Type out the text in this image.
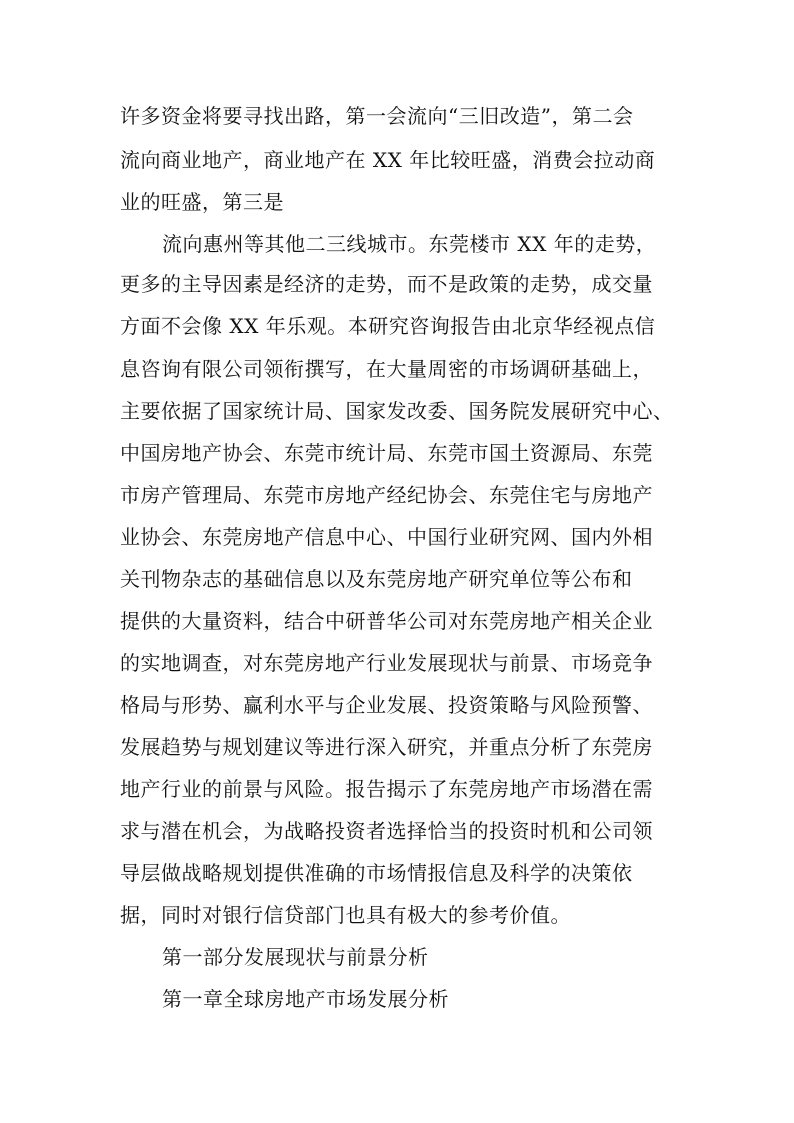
许多资金将要寻找出路，第一会流向“三旧改造”，第二会
流向商业地产，商业地产在 XX 年比较旺盛，消费会拉动商
业的旺盛，第三是
流向惠州等其他二三线城市。东莞楼市 XX 年的走势，
更多的主导因素是经济的走势，而不是政策的走势，成交量
方面不会像 XX 年乐观。本研究咨询报告由北京华经视点信
息咨询有限公司领衔撰写，在大量周密的市场调研基础上，
主要依据了国家统计局、国家发改委、国务院发展研究中心、
中国房地产协会、东莞市统计局、东莞市国土资源局、东莞
市房产管理局、东莞市房地产经纪协会、东莞住宅与房地产
业协会、东莞房地产信息中心、中国行业研究网、国内外相
关刊物杂志的基础信息以及东莞房地产研究单位等公布和
提供的大量资料，结合中研普华公司对东莞房地产相关企业
的实地调查，对东莞房地产行业发展现状与前景、市场竞争
格局与形势、赢利水平与企业发展、投资策略与风险预警、
发展趋势与规划建议等进行深入研究，并重点分析了东莞房
地产行业的前景与风险。报告揭示了东莞房地产市场潜在需
求与潜在机会，为战略投资者选择恰当的投资时机和公司领
导层做战略规划提供准确的市场情报信息及科学的决策依
据，同时对银行信贷部门也具有极大的参考价值。
第一部分发展现状与前景分析
第一章全球房地产市场发展分析
